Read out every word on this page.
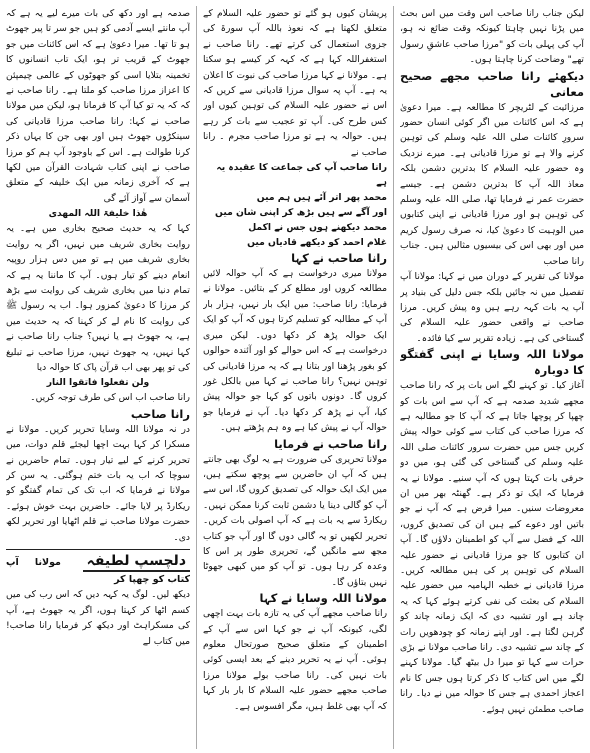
لیکن جناب رانا صاحب اس وقت میں اس بحث میں پڑنا نہیں چاہتا کیونکہ وقت ضائع نہ ہو، آپ کی پہلی بات کو "مرزا صاحب عاشقِ رسول تھے" وضاحت کرنا چاہتا ہوں۔

دیکھئے رانا صاحب مجھے صحیح معانی

مرزائیت کے لٹریچر کا مطالعہ ہے۔ میرا دعویٰ ہے کہ اس کائنات میں اگر کوئی انسان حضور سرورِ کائنات صلی اللہ علیہ وسلم کی توہین کرنے والا ہے تو مرزا قادیانی ہے۔ میرے نزدیک وہ حضور علیہ السلام کا بدترین دشمن بلکہ معاذ اللہ آپ کا بدترین دشمن ہے۔ جیسے حضرت عمر نے فرمایا تھا، صلی اللہ علیہ وسلم کی توہین ہو اور مرزا قادیانی نے اپنی کتابوں میں الوہیت کا دعویٰ کیا، نہ صرف رسول کریم میں اور بھی اس کی بیسیوں مثالیں ہیں۔ جناب رانا صاحب

مولانا کی تقریر کے دوران میں نے کہا: مولانا آپ تفصیل میں نہ جائیں بلکہ جس دلیل کی بنیاد پر آپ یہ بات کہہ رہے ہیں وہ پیش کریں۔ مرزا صاحب نے واقعی حضور علیہ السلام کی گستاخی کی ہے۔ زیادہ تقریر سے کیا فائدہ۔

مولانا اللہ وسایا نے اپنی گفتگو کا دوبارہ

آغاز کیا۔ تو کہنے لگے اس بات پر کہ رانا صاحب مجھے شدید صدمہ ہے کہ آپ سے اس بات کو چھپا کر پوچھا جاتا ہے کہ آپ کا جو مطالبہ ہے کہ مرزا صاحب کی کتاب سے کوئی حوالہ پیش کریں جس میں حضرت سرور کائنات صلی اللہ علیہ وسلم کی گستاخی کی گئی ہو، میں دو حرفی بات کہتا ہوں کہ آپ سنیے۔ مولانا نے یہ فرمایا کہ ایک تو ذکر ہے۔ گھنٹہ بھر میں ان معروضات سنیں۔ میرا فرض ہے کہ آپ نے جو باتیں اور دعوے کیے ہیں ان کی تصدیق کروں، اللہ کے فضل سے آپ کو اطمینان دلاؤں گا۔ آپ ان کتابوں کا جو مرزا قادیانی نے حضور علیہ السلام کی توہین پر کی ہیں مطالعہ کریں۔ مرزا قادیانی نے خطبہ الہامیہ میں حضور علیہ السلام کی بعثت کی نفی کرتے ہوئے کہا کہ یہ چاند ہے اور تشبیہ دی کہ ایک زمانہ چاند کو گرہن لگتا ہے۔ اور اپنے زمانہ کو چودھویں رات کے چاند سے تشبیہ دی۔ رانا صاحب مولانا نے بڑی حرات سے کہا تو میرا دل بیٹھ گیا۔ مولانا کہنے لگے میں اس کتاب کا ذکر کرتا ہوں جس کا نام اعجاز احمدی ہے جس کا حوالہ میں نے دیا۔ رانا صاحب مطمئن نہیں ہوئے۔

پریشان کیوں ہو گئے تو حضور علیہ السلام کے متعلق لکھتا ہے کہ نعوذ باللہ آپ سورۃ کی جزوی استعمال کی کرتے تھے۔ رانا صاحب نے استغفراللہ کہا ہے کہ کہہ کر کیسے ہو سکتا ہے۔ مولانا نے کہا مرزا صاحب کی نبوت کا اعلان یہ ہے۔ آپ پہ سوال مرزا قادیانی سے کریں کہ اس نے حضور علیہ السلام کی توہین کیوں اور کس طرح کی۔ آپ تو عجیب سے بات کر رہے ہیں۔ حوالہ یہ ہے تو مرزا صاحب مجرم ۔ رانا صاحب نے

رانا صاحب آپ کی جماعت کا عقیدہ یہ ہے

محمد پھر اتر آئے ہیں ہم میں

اور آگے سے ہیں بڑھ کر اپنی شان میں

محمد دیکھنے ہوں جس نے اکمل

غلام احمد کو دیکھے قادیاں میں

رانا صاحب نے کہا

مولانا میری درخواست ہے کہ آپ حوالہ لائیں مطالعہ کروں اور مطلع کر کے بتائیں۔ مولانا نے فرمایا: رانا صاحب: میں ایک بار نہیں، ہزار بار آپ کے مطالبہ کو تسلیم کرتا ہوں کہ آپ کو ایک ایک حوالہ پڑھ کر دکھا دوں۔ لیکن میری درخواست ہے کہ اس حوالے کو اور آئندہ حوالوں کو بغور پڑھنا اور بتانا ہے کہ یہ مرزا قادیانی کی توہین نہیں؟ رانا صاحب نے کہا میں بالکل غور کروں گا۔ دونوں باتوں کو کہا جو حوالہ پیش کیا، آپ نے پڑھ کر دکھا دیا۔ آپ نے فرمایا جو حوالہ آپ نے پیش کیا ہے وہ ہم پڑھتے ہیں۔

رانا صاحب نے فرمایا

مولانا تحریری کی ضرورت ہے یہ لوگ بھی جانتے ہیں کہ آپ ان حاضرین سے پوچھ سکتے ہیں، میں ایک ایک حوالہ کی تصدیق کروں گا، اس سے آپ کو گالی دینا یا دشمن ثابت کرنا ممکن نہیں۔ ریکارڈ سے یہ بات ہے کہ آپ اصولی بات کریں۔ تحریر لکھیں تو یہ گالی دوں گا اور آپ جو کتاب مجھ سے مانگیں گے، تحریری طور پر اس کا وعدہ کر رہا ہوں۔ تو آپ کو میں کبھی جھوٹا نہیں بتاؤں گا۔

مولانا اللہ وسایا نے کہا

رانا صاحب مجھے آپ کی یہ تازہ بات بہت اچھی لگی، کیونکہ آپ نے جو کہا اس سے آپ کے اطمینان کے متعلق صحیح صورتحال معلوم ہوئی۔ آپ نے یہ تحریر دینے کے بعد ایسی کوئی بات نہیں کی۔ رانا صاحب بولے مولانا مرزا صاحب مجھے حضور علیہ السلام کا بار بار کہا کہ آپ بھی غلط ہیں، مگر افسوس ہے۔

صدمہ ہے اور دکھ کی بات میرے لیے یہ ہے کہ آپ مانتے ایسے آدمی کو ہیں جو سر تا پیر جھوٹ ہو تا تھا۔ میرا دعویٰ ہے کہ اس کائنات میں جو جھوٹ کے قریب تر ہو، ایک تاب انسانوں کا تخمینہ بتلایا اسی کو جھوٹوں کے عالمی چیمپئن کا اعزاز مرزا صاحب کو ملتا ہے۔ رانا صاحب نے کہ کہ یہ تو کیا آپ کا فرمانا ہو، لیکن میں مولانا صاحب نے کہا: رانا صاحب مرزا قادیانی کی سینکڑوں جھوٹ ہیں اور بھی جن کا یہاں ذکر کرنا طوالت ہے۔ اس کے باوجود آپ ہم کو مرزا صاحب نے اپنی کتاب شہادت القرآن میں لکھا ہے کہ آخری زمانہ میں ایک خلیفہ کے متعلق آسمان سے آواز آئے گی

ھٰذا خلیفۃ اللہ المھدی

کہا کہ یہ حدیث صحیح بخاری میں ہے۔ یہ روایت بخاری شریف میں نہیں، اگر یہ روایت بخاری شریف میں ہے تو میں دس ہزار روپیہ انعام دینے کو تیار ہوں۔ آپ کا ماننا یہ ہے کہ تمام دنیا میں بخاری شریف کی روایت سے بڑھ کر مرزا کا دعویٰ کمزور ہوا۔ اب یہ رسول ﷺ کی روایت کا نام لے کر کہنا کہ یہ حدیث میں ہے، یہ جھوٹ ہے یا نہیں؟ جناب رانا صاحب نے کہا نہیں، یہ جھوٹ نہیں، مرزا صاحب نے تبلیغ کی تو پھر بھی اب قرآن پاک کا حوالہ دیا

ولن تفعلوا فاتقوا النار

رانا صاحب اب اس کی طرف توجہ کریں۔

رانا صاحب

در نہ مولانا اللہ وسایا تحریر کریں۔ مولانا نے مسکرا کر کہا بہت اچھا لیجئے قلم دوات، میں تحریر کرنے کے لیے تیار ہوں۔ تمام حاضرین نے سوچا کہ اب یہ بات ختم ہوگئی۔ یہ سن کر مولانا نے فرمایا کہ اب تک کی تمام گفتگو کو ریکارڈ پر لایا جائے۔ حاضرین بہت خوش ہوئے۔ حضرت مولانا صاحب نے قلم اٹھایا اور تحریر لکھ دی۔

دلچسپ لطیفہ مولانا آپ کتاب کو چھپا کر

دیکھ لیں۔ لوگ یہ کہہ دیں کہ اس رب کی میں کسم اٹھا کر کہتا ہوں، اگر یہ جھوٹ ہے، آپ کی مسکراہٹ اور دیکھ کر فرمایا رانا صاحب! میں کتاب لے
